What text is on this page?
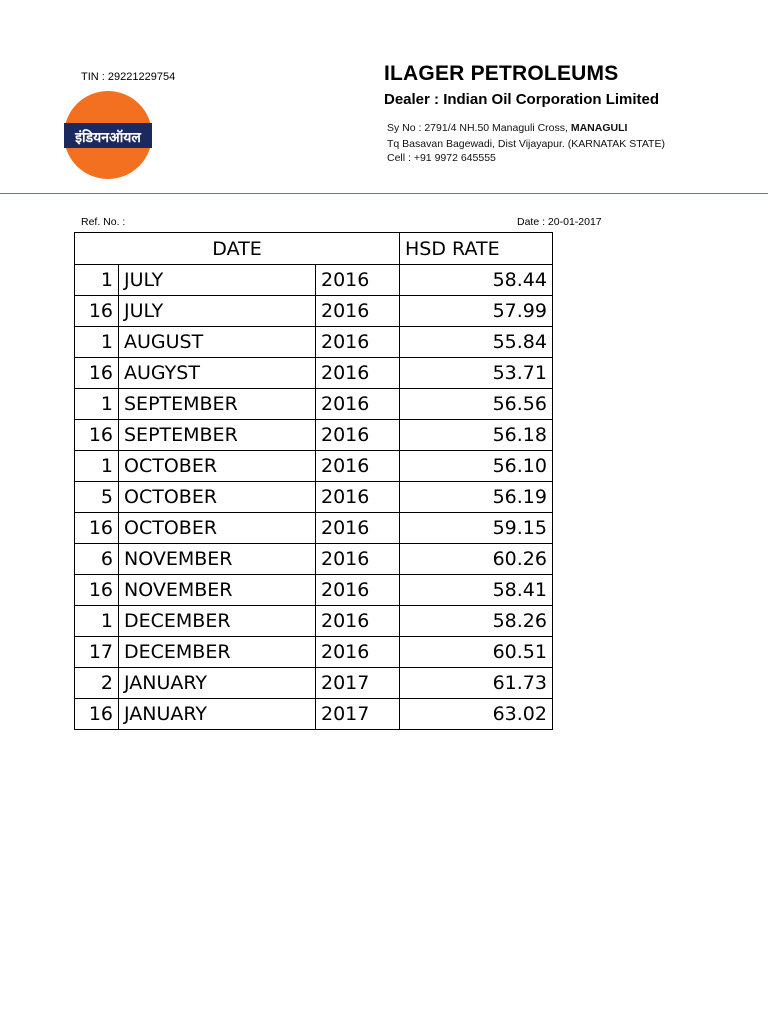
TIN : 29221229754
इंडियनऑयल
ILAGER PETROLEUMS
Dealer : Indian Oil Corporation Limited
Sy No : 2791/4 NH.50 Managuli Cross, MANAGULI
Tq Basavan Bagewadi, Dist Vijayapur. (KARNATAK STATE)
Cell : +91 9972 645555
Ref. No. :	Date : 20-01-2017
DATE			HSD RATE
1	JULY	2016	58.44
16	JULY	2016	57.99
1	AUGUST	2016	55.84
16	AUGYST	2016	53.71
1	SEPTEMBER	2016	56.56
16	SEPTEMBER	2016	56.18
1	OCTOBER	2016	56.10
5	OCTOBER	2016	56.19
16	OCTOBER	2016	59.15
6	NOVEMBER	2016	60.26
16	NOVEMBER	2016	58.41
1	DECEMBER	2016	58.26
17	DECEMBER	2016	60.51
2	JANUARY	2017	61.73
16	JANUARY	2017	63.02
